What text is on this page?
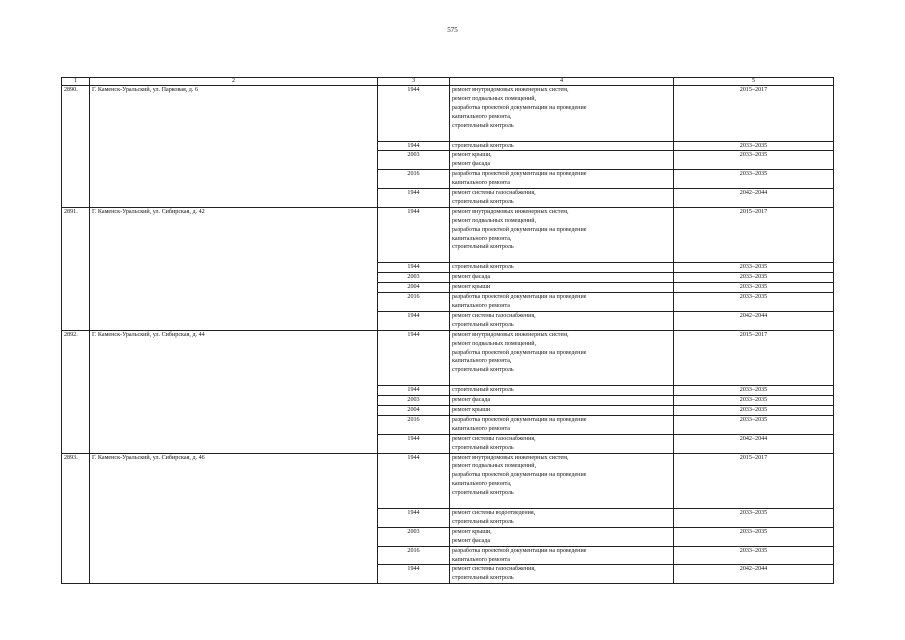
575
1	2	3	4	5
2890.	Г. Каменск-Уральский, ул. Парковая, д. 6	1944	ремонт внутридомовых инженерных систем,
ремонт подвальных помещений,
разработка проектной документации на проведение
капитального ремонта,
строительный контроль	2015–2017
		1944	строительный контроль	2033–2035
		2003	ремонт крыши,
ремонт фасада	2033–2035
		2016	разработка проектной документации на проведение
капитального ремонта	2033–2035
		1944	ремонт системы газоснабжения,
строительный контроль	2042–2044
2891.	Г. Каменск-Уральский, ул. Сибирская, д. 42	1944	ремонт внутридомовых инженерных систем,
ремонт подвальных помещений,
разработка проектной документации на проведение
капитального ремонта,
строительный контроль	2015–2017
		1944	строительный контроль	2033–2035
		2003	ремонт фасада	2033–2035
		2004	ремонт крыши	2033–2035
		2016	разработка проектной документации на проведение
капитального ремонта	2033–2035
		1944	ремонт системы газоснабжения,
строительный контроль	2042–2044
2892.	Г. Каменск-Уральский, ул. Сибирская, д. 44	1944	ремонт внутридомовых инженерных систем,
ремонт подвальных помещений,
разработка проектной документации на проведение
капитального ремонта,
строительный контроль	2015–2017
		1944	строительный контроль	2033–2035
		2003	ремонт фасада	2033–2035
		2004	ремонт крыши	2033–2035
		2016	разработка проектной документации на проведение
капитального ремонта	2033–2035
		1944	ремонт системы газоснабжения,
строительный контроль	2042–2044
2893.	Г. Каменск-Уральский, ул. Сибирская, д. 46	1944	ремонт внутридомовых инженерных систем,
ремонт подвальных помещений,
разработка проектной документации на проведение
капитального ремонта,
строительный контроль	2015–2017
		1944	ремонт системы водоотведения,
строительный контроль	2033–2035
		2003	ремонт крыши,
ремонт фасада	2033–2035
		2016	разработка проектной документации на проведение
капитального ремонта	2033–2035
		1944	ремонт системы газоснабжения,
строительный контроль	2042–2044
